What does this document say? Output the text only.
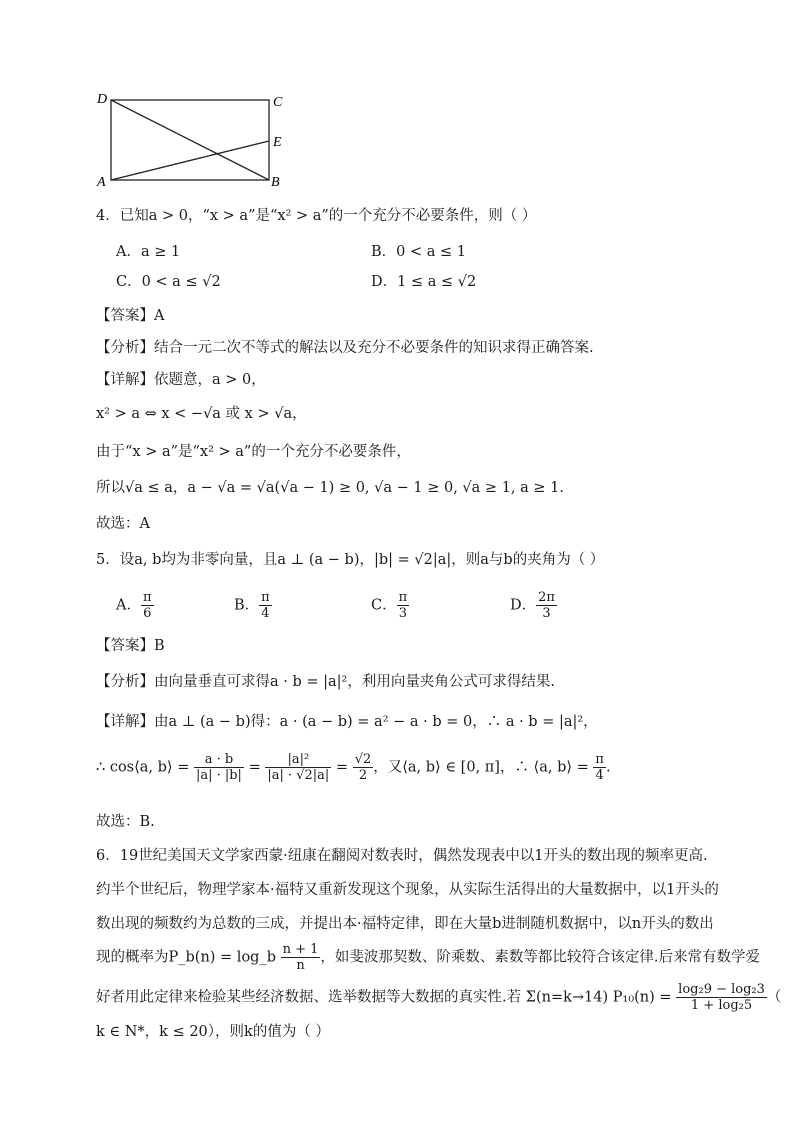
D	C
E
A	B
4．已知a > 0，“x > a”是“x² > a”的一个充分不必要条件，则（ ）
A．a ≥ 1	B．0 < a ≤ 1
C．0 < a ≤ √2	D．1 ≤ a ≤ √2
【答案】A
【分析】结合一元二次不等式的解法以及充分不必要条件的知识求得正确答案.
【详解】依题意，a > 0，
x² > a ⇔ x < −√a 或 x > √a，
由于“x > a”是“x² > a”的一个充分不必要条件，
所以√a ≤ a，a − √a = √a(√a − 1) ≥ 0, √a − 1 ≥ 0, √a ≥ 1, a ≥ 1.
故选：A
5．设a, b均为非零向量，且a ⊥ (a − b)，|b| = √2|a|，则a与b的夹角为（ ）
A． $\frac{\pi}{6}$	B． $\frac{\pi}{4}$	C． $\frac{\pi}{3}$	D． $\frac{2\pi}{3}$
【答案】B
【分析】由向量垂直可求得a · b = |a|²，利用向量夹角公式可求得结果.
【详解】由a ⊥ (a − b)得：a · (a − b) = a² − a · b = 0，∴ a · b = |a|²，
∴ cos⟨a, b⟩ = $\frac{a \cdot b}{|a| \cdot |b|} = \frac{\text{|a|²}}{|a| \cdot √2|a|} = \frac{√2}{2}$ ，又⟨a, b⟩ ∈ [0, π]，∴ ⟨a, b⟩ = $\frac{\pi}{4}$ .
故选：B.
6．19世纪美国天文学家西蒙·纽康在翻阅对数表时，偶然发现表中以1开头的数出现的频率更高.
约半个世纪后，物理学家本·福特又重新发现这个现象，从实际生活得出的大量数据中，以1开头的
数出现的频数约为总数的三成，并提出本·福特定律，即在大量b进制随机数据中，以n开头的数出
现的概率为P_b(n) = log_b $\frac{n + 1}{n}$ ，如斐波那契数、阶乘数、素数等都比较符合该定律.后来常有数学爱
好者用此定律来检验某些经济数据、选举数据等大数据的真实性.若 Σ(n=k→14) $P_{10}(n) = \frac{\text{log₂9 − log₂3}}{\text{1 + log₂5}}$ （
k ∈ N*，k ≤ 20），则k的值为（ ）
